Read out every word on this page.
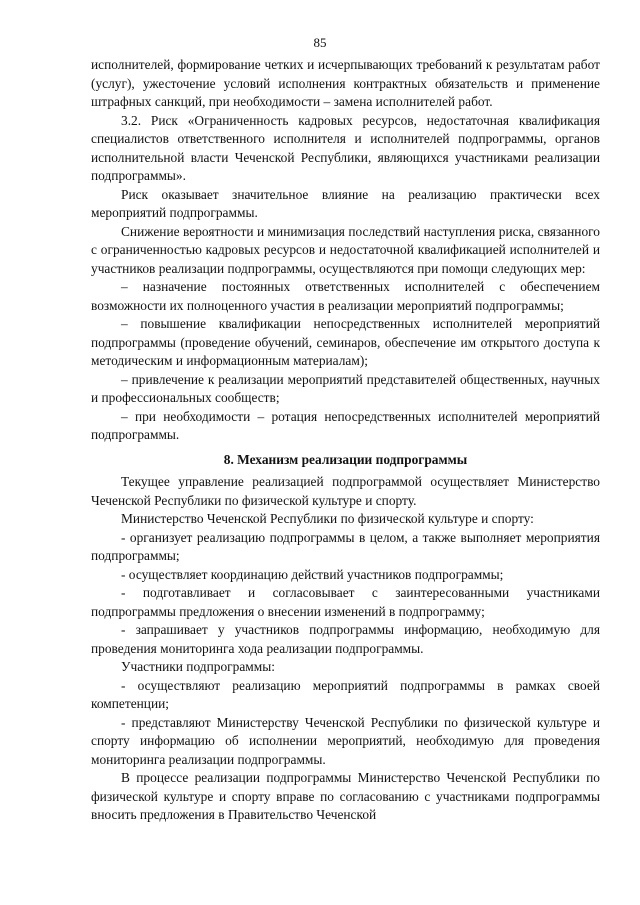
85

исполнителей, формирование четких и исчерпывающих требований к результатам работ (услуг), ужесточение условий исполнения контрактных обязательств и применение штрафных санкций, при необходимости – замена исполнителей работ.

3.2. Риск «Ограниченность кадровых ресурсов, недостаточная квалификация специалистов ответственного исполнителя и исполнителей подпрограммы, органов исполнительной власти Чеченской Республики, являющихся участниками реализации подпрограммы».

Риск оказывает значительное влияние на реализацию практически всех мероприятий подпрограммы.

Снижение вероятности и минимизация последствий наступления риска, связанного с ограниченностью кадровых ресурсов и недостаточной квалификацией исполнителей и участников реализации подпрограммы, осуществляются при помощи следующих мер:

– назначение постоянных ответственных исполнителей с обеспечением возможности их полноценного участия в реализации мероприятий подпрограммы;

– повышение квалификации непосредственных исполнителей мероприятий подпрограммы (проведение обучений, семинаров, обеспечение им открытого доступа к методическим и информационным материалам);

– привлечение к реализации мероприятий представителей общественных, научных и профессиональных сообществ;

– при необходимости – ротация непосредственных исполнителей мероприятий подпрограммы.

8. Механизм реализации подпрограммы

Текущее управление реализацией подпрограммой осуществляет Министерство Чеченской Республики по физической культуре и спорту.

Министерство Чеченской Республики по физической культуре и спорту:

- организует реализацию подпрограммы в целом, а также выполняет мероприятия подпрограммы;

- осуществляет координацию действий участников подпрограммы;

- подготавливает и согласовывает с заинтересованными участниками подпрограммы предложения о внесении изменений в подпрограмму;

- запрашивает у участников подпрограммы информацию, необходимую для проведения мониторинга хода реализации подпрограммы.

Участники подпрограммы:

- осуществляют реализацию мероприятий подпрограммы в рамках своей компетенции;

- представляют Министерству Чеченской Республики по физической культуре и спорту информацию об исполнении мероприятий, необходимую для проведения мониторинга реализации подпрограммы.

В процессе реализации подпрограммы Министерство Чеченской Республики по физической культуре и спорту вправе по согласованию с участниками подпрограммы вносить предложения в Правительство Чеченской
